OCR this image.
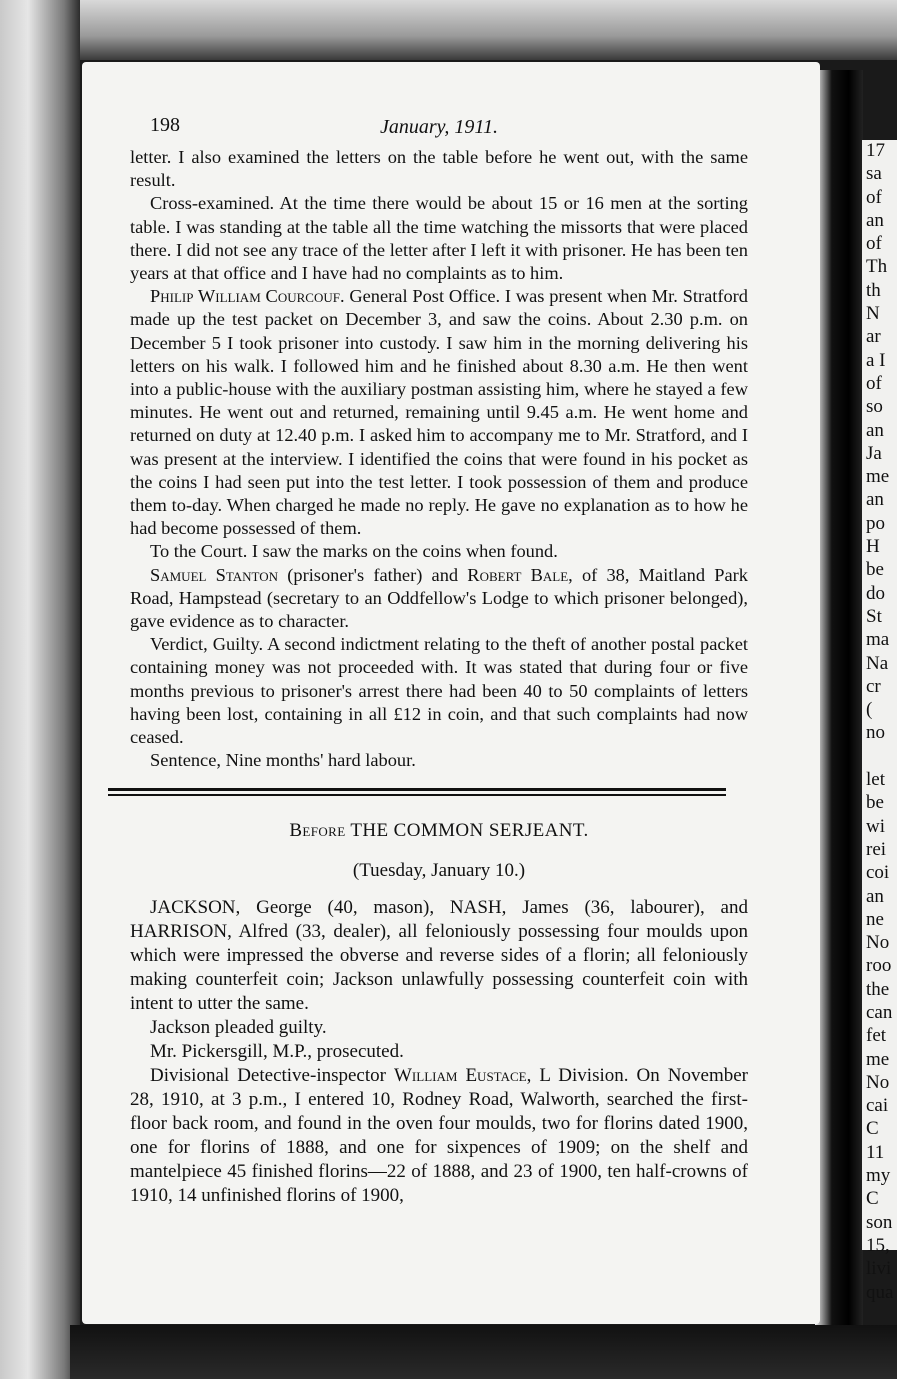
198	January, 1911.

letter. I also examined the letters on the table before he went out, with the same result.

Cross-examined. At the time there would be about 15 or 16 men at the sorting table. I was standing at the table all the time watching the missorts that were placed there. I did not see any trace of the letter after I left it with prisoner. He has been ten years at that office and I have had no complaints as to him.

Philip William Courcouf. General Post Office. I was present when Mr. Stratford made up the test packet on December 3, and saw the coins. About 2.30 p.m. on December 5 I took prisoner into custody. I saw him in the morning delivering his letters on his walk. I followed him and he finished about 8.30 a.m. He then went into a public-house with the auxiliary postman assisting him, where he stayed a few minutes. He went out and returned, remaining until 9.45 a.m. He went home and returned on duty at 12.40 p.m. I asked him to accompany me to Mr. Stratford, and I was present at the interview. I identified the coins that were found in his pocket as the coins I had seen put into the test letter. I took possession of them and produce them to-day. When charged he made no reply. He gave no explanation as to how he had become possessed of them.

To the Court. I saw the marks on the coins when found.

Samuel Stanton (prisoner's father) and Robert Bale, of 38, Maitland Park Road, Hampstead (secretary to an Oddfellow's Lodge to which prisoner belonged), gave evidence as to character.

Verdict, Guilty. A second indictment relating to the theft of another postal packet containing money was not proceeded with. It was stated that during four or five months previous to prisoner's arrest there had been 40 to 50 complaints of letters having been lost, containing in all £12 in coin, and that such complaints had now ceased.

Sentence, Nine months' hard labour.

Before THE COMMON SERJEANT.
(Tuesday, January 10.)

JACKSON, George (40, mason), NASH, James (36, labourer), and HARRISON, Alfred (33, dealer), all feloniously possessing four moulds upon which were impressed the obverse and reverse sides of a florin; all feloniously making counterfeit coin; Jackson unlawfully possessing counterfeit coin with intent to utter the same.

Jackson pleaded guilty.

Mr. Pickersgill, M.P., prosecuted.

Divisional Detective-inspector William Eustace, L Division. On November 28, 1910, at 3 p.m., I entered 10, Rodney Road, Walworth, searched the first-floor back room, and found in the oven four moulds, two for florins dated 1900, one for florins of 1888, and one for sixpences of 1909; on the shelf and mantelpiece 45 finished florins—22 of 1888, and 23 of 1900, ten half-crowns of 1910, 14 unfinished florins of 1900,

17
sa
of
an
of
Th
th
N
ar
a I
of
so
an
Ja
me
an
po
H
be
do
St
ma
Na
cr
(
no
let
be
wi
rei
coi
an
ne
No
roo
the
can
fet
me
No
cai
C
11
my
C
son
15,
livi
qua
